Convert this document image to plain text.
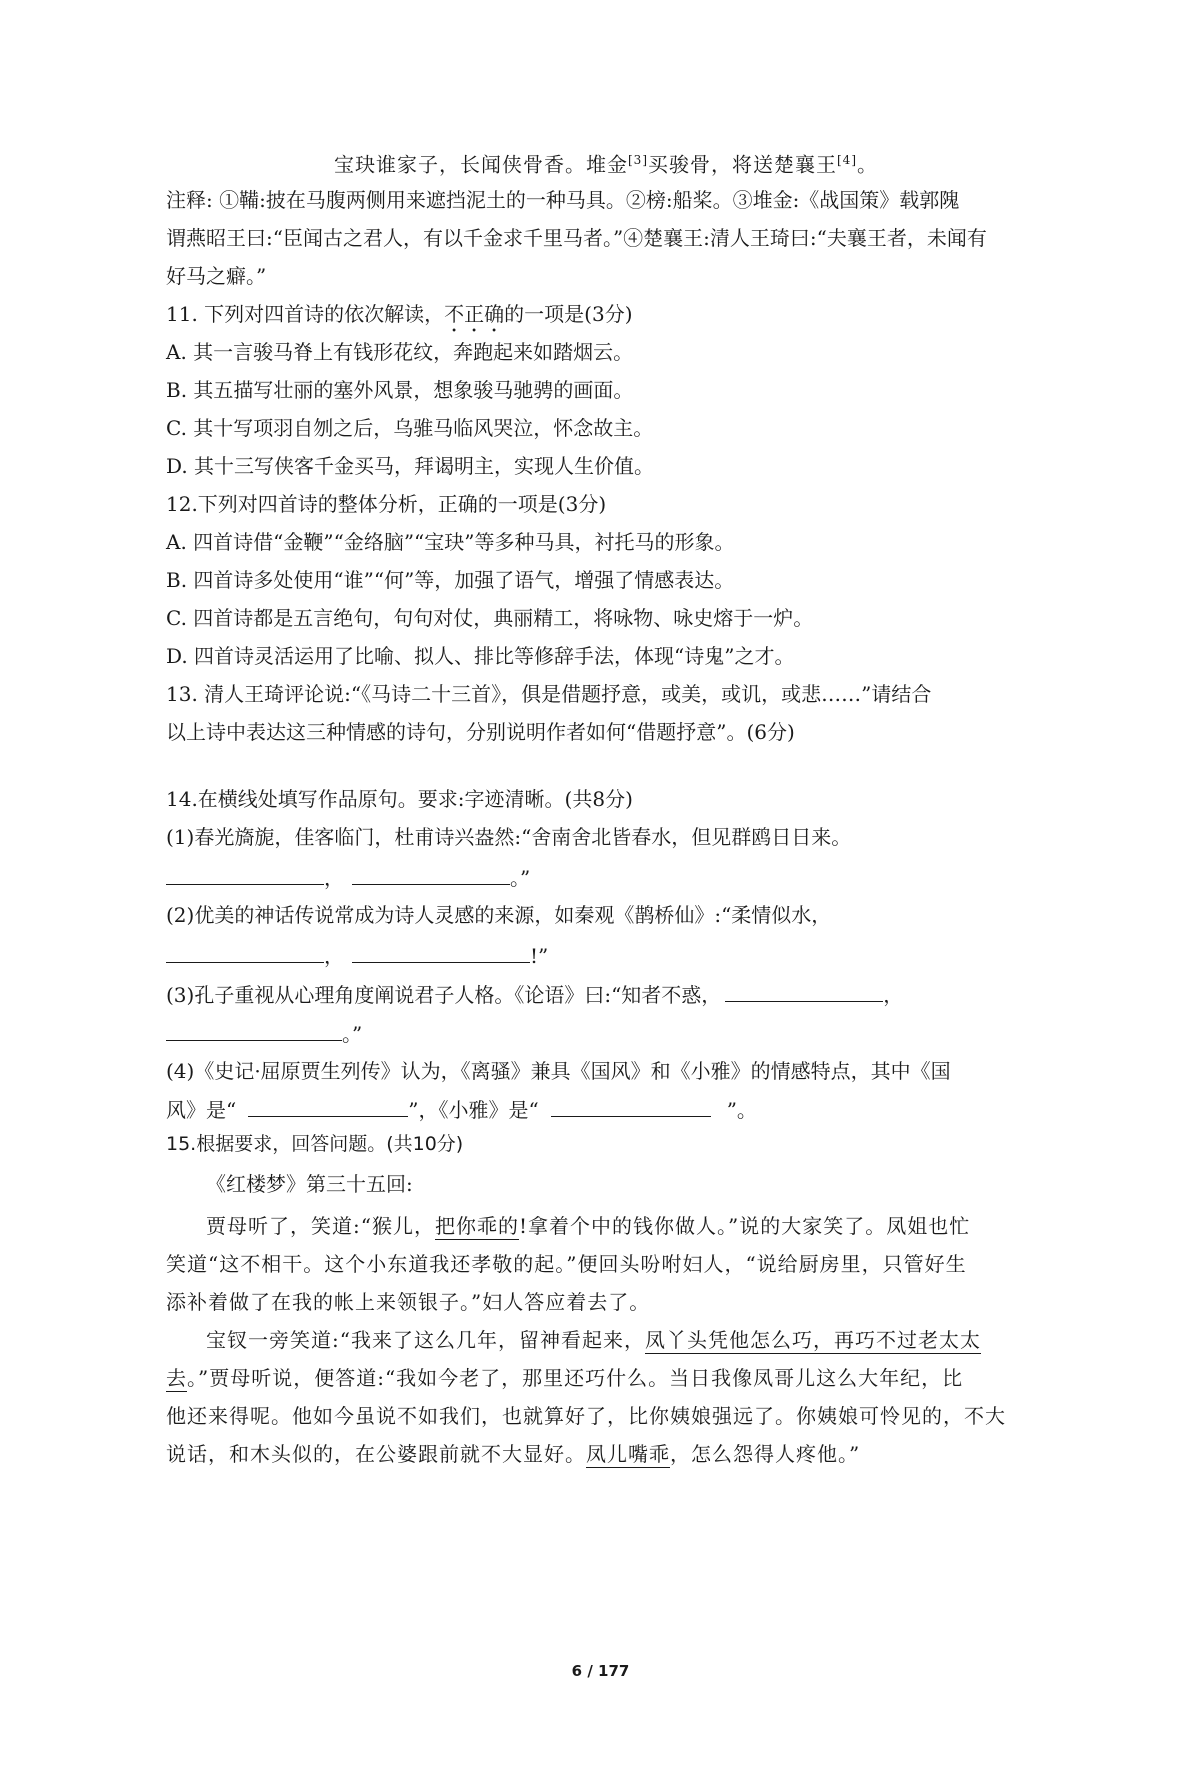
宝玦谁家子，长闻侠骨香。堆金[3]买骏骨，将送楚襄王[4]。
注释: ①鞴:披在马腹两侧用来遮挡泥土的一种马具。②榜:船桨。③堆金:《战国策》载郭隗
谓燕昭王曰:“臣闻古之君人，有以千金求千里马者。”④楚襄王:清人王琦曰:“夫襄王者，未闻有
好马之癖。”
11. 下列对四首诗的依次解读，不正确的一项是(3分)
A. 其一言骏马脊上有钱形花纹，奔跑起来如踏烟云。
B. 其五描写壮丽的塞外风景，想象骏马驰骋的画面。
C. 其十写项羽自刎之后，乌骓马临风哭泣，怀念故主。
D. 其十三写侠客千金买马，拜谒明主，实现人生价值。
12.下列对四首诗的整体分析，正确的一项是(3分)
A. 四首诗借“金鞭”“金络脑”“宝玦”等多种马具，衬托马的形象。
B. 四首诗多处使用“谁”“何”等，加强了语气，增强了情感表达。
C. 四首诗都是五言绝句，句句对仗，典丽精工，将咏物、咏史熔于一炉。
D. 四首诗灵活运用了比喻、拟人、排比等修辞手法，体现“诗鬼”之才。
13. 清人王琦评论说:“《马诗二十三首》，俱是借题抒意，或美，或讥，或悲……”请结合
以上诗中表达这三种情感的诗句，分别说明作者如何“借题抒意”。(6分)
14.在横线处填写作品原句。要求:字迹清晰。(共8分)
(1)春光旖旎，佳客临门，杜甫诗兴盎然:“舍南舍北皆春水，但见群鸥日日来。
，	。”
(2)优美的神话传说常成为诗人灵感的来源，如秦观《鹊桥仙》:“柔情似水，
，	!”
(3)孔子重视从心理角度阐说君子人格。《论语》曰:“知者不惑，	，
。”
(4)《史记·屈原贾生列传》认为，《离骚》兼具《国风》和《小雅》的情感特点，其中《国
风》是“	”，《小雅》是“	”。
15.根据要求，回答问题。(共10分)
《红楼梦》第三十五回:
贾母听了，笑道:“猴儿，把你乖的!拿着个中的钱你做人。”说的大家笑了。凤姐也忙
笑道“这不相干。这个小东道我还孝敬的起。”便回头吩咐妇人，“说给厨房里，只管好生
添补着做了在我的帐上来领银子。”妇人答应着去了。
宝钗一旁笑道:“我来了这么几年，留神看起来，凤丫头凭他怎么巧，再巧不过老太太
去。”贾母听说，便答道:“我如今老了，那里还巧什么。当日我像凤哥儿这么大年纪，比
他还来得呢。他如今虽说不如我们，也就算好了，比你姨娘强远了。你姨娘可怜见的，不大
说话，和木头似的，在公婆跟前就不大显好。凤儿嘴乖，怎么怨得人疼他。”
6 / 177
